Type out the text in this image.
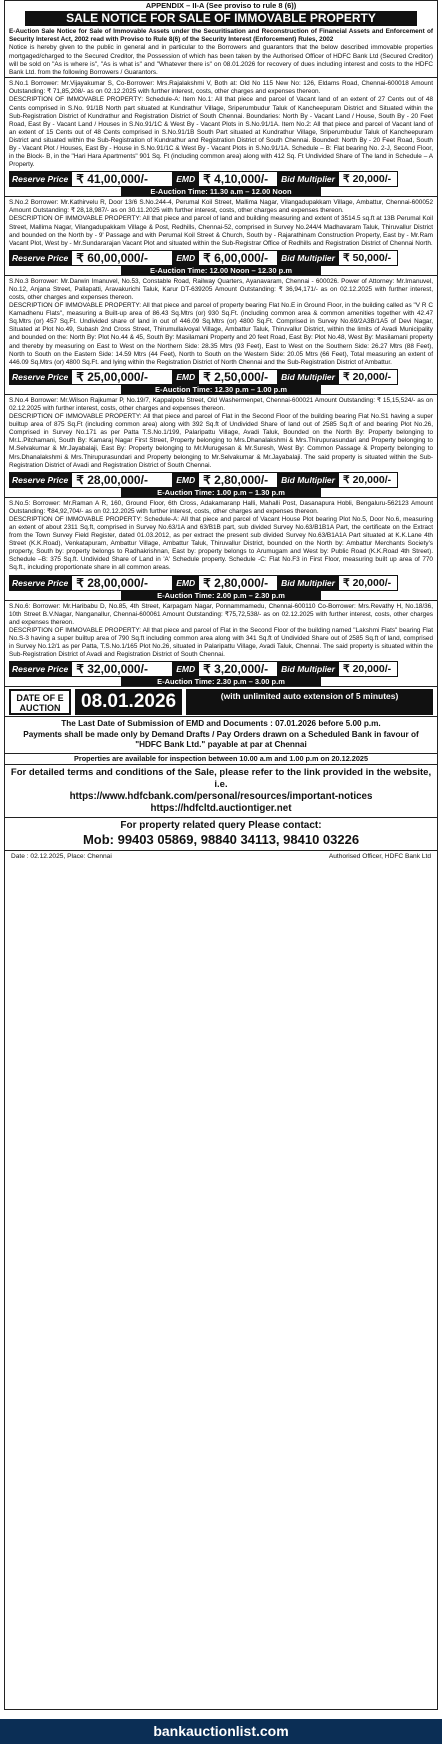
APPENDIX – II-A (See proviso to rule 8 (6))
SALE NOTICE FOR SALE OF IMMOVABLE PROPERTY
E-Auction Sale Notice for Sale of Immovable Assets under the Securitisation and Reconstruction of Financial Assets and Enforcement of Security Interest Act, 2002 read with Proviso to Rule 8(6) of the Security Interest (Enforcement) Rules, 2002
Notice is hereby given to the public in general and in particular to the Borrowers and guarantors that the below described immovable properties mortgaged/charged to the Secured Creditor, the Possession of which has been taken by the Authorised Officer of HDFC Bank Ltd (Secured Creditor) will be sold on "As is where is", "As is what is" and "Whatever there is" on 08.01.2026 for recovery of dues including interest and costs to the HDFC Bank Ltd. from the following Borrowers / Guarantors.
S.No.1 Borrower: Mr.Vijayakumar S, Co-Borrower: Mrs.Rajalakshmi V, Both at: Old No 115 New No: 126, Eldams Road, Chennai-600018 Amount Outstanding: ₹ 71,85,208/- as on 02.12.2025 with further interest, costs, other charges and expenses thereon.
DESCRIPTION OF IMMOVABLE PROPERTY: Schedule-A: Item No.1: All that piece and parcel of Vacant land of an extent of 27 Cents out of 48 Cents comprised in S.No. 91/1B North part situated at Kundrathur Village, Sriperumbudur Taluk of Kancheepuram District and Situated within the Sub-Registration District of Kundrathur and Registration District of South Chennai. Boundaries: North By - Vacant Land / House, South By - 20 Feet Road, East By - Vacant Land / Houses in S.No.91/1C & West By - Vacant Plots in S.No.91/1A. Item No.2: All that piece and parcel of Vacant land of an extent of 15 Cents out of 48 Cents comprised in S.No.91/1B South Part situated at Kundrathur Village, Sriperumbudur Taluk of Kancheepuram District and situated within the Sub-Registration of Kundrathur and Registration District of South Chennai. Bounded: North By - 20 Feet Road, South By - Vacant Plot / Houses, East By - House in S.No.91/1C & West By - Vacant Plots in S.No.91/1A. Schedule – B: Flat bearing No. 2-J, Second Floor, in the Block- B, in the "Hari Hara Apartments" 901 Sq. Ft (including common area) along with 412 Sq. Ft Undivided Share of The land in Schedule – A Property.
Reserve Price ₹ 41,00,000/-	EMD ₹ 4,10,000/-	Bid Multiplier ₹ 20,000/-
E-Auction Time: 11.30 a.m – 12.00 Noon
S.No.2 Borrower: Mr.Kathirvelu R, Door 13/6 S.No.244-4, Perumal Koil Street, Mallima Nagar, Vilangadupakkam Village, Ambattur, Chennai-600052 Amount Outstanding: ₹ 28,18,987/- as on 30.11.2025 with further interest, costs, other charges and expenses thereon.
DESCRIPTION OF IMMOVABLE PROPERTY: All that piece and parcel of land and building measuring and extent of 3514.5 sq.ft at 13B Perumal Koil Street, Mallima Nagar, Vilangadupakkam Village & Post, Redhills, Chennai-52, comprised in Survey No.244/4 Madhavaram Taluk, Thiruvallur District and bounded on the North by - 9' Passage and with Perumal Koil Street & Church, South by - Rajarathinam Construction Property, East by - Mr.Ram Vacant Plot, West by - Mr.Sundararajan Vacant Plot and situated within the Sub-Registrar Office of Redhills and Registration District of Chennai North.
Reserve Price ₹ 60,00,000/-	EMD ₹ 6,00,000/-	Bid Multiplier ₹ 50,000/-
E-Auction Time: 12.00 Noon – 12.30 p.m
S.No.3 Borrower: Mr.Darwin Imanuvel, No.53, Constable Road, Railway Quarters, Ayanavaram, Chennai - 600026. Power of Attorney: Mr.Imanuvel, No.12, Anjana Street, Pallapatti, Aravakurichi Taluk, Karur DT-639205 Amount Outstanding: ₹ 36,94,171/- as on 02.12.2025 with further interest, costs, other charges and expenses thereon.
DESCRIPTION OF IMMOVABLE PROPERTY: All that piece and parcel of property bearing Flat No.E in Ground Floor, in the building called as "V R C Kamadhenu Flats", measuring a Built-up area of 86.43 Sq.Mtrs (or) 930 Sq.Ft. (including common area & common amenities together with 42.47 Sq.Mtrs (or) 457 Sq.Ft. Undivided share of land in out of 446.09 Sq.Mtrs (or) 4800 Sq.Ft. Comprised in Survey No.69/2A3B/1A5 of Devi Nagar, Situated at Plot No.49, Subash 2nd Cross Street, Thirumullaivoyal Village, Ambattur Taluk, Thiruvallur District, within the limits of Avadi Municipality and bounded on the: North By: Plot No.44 & 45, South By: Masilamani Property and 20 feet Road, East By: Plot No.48, West By: Masilamani property and thereby by measuring on East to West on the Northern Side: 28.35 Mtrs (93 Feet), East to West on the Southern Side: 26.27 Mtrs (88 Feet), North to South on the Eastern Side: 14.59 Mtrs (44 Feet), North to South on the Western Side: 20.05 Mtrs (66 Feet), Total measuring an extent of 446.09 Sq.Mtrs (or) 4800 Sq.Ft. and lying within the Registration District of North Chennai and the Sub-Registration District of Ambattur.
Reserve Price ₹ 25,00,000/-	EMD ₹ 2,50,000/-	Bid Multiplier ₹ 20,000/-
E-Auction Time: 12.30 p.m – 1.00 p.m
S.No.4 Borrower: Mr.Wilson Rajkumar P, No.19/7, Kappalpolu Street, Old Washermenpet, Chennai-600021 Amount Outstanding: ₹ 15,15,524/- as on 02.12.2025 with further interest, costs, other charges and expenses thereon.
DESCRIPTION OF IMMOVABLE PROPERTY: All that piece and parcel of Flat in the Second Floor of the building bearing Flat No.S1 having a super builtup area of 875 Sq.Ft (including common area) along with 392 Sq.ft of Undivided Share of land out of 2585 Sq.ft of and bearing Plot No.26, Comprised in Survey No.171 as per Patta T.S.No.1/199, Palaripattu Village, Avadi Taluk, Bounded on the North By: Property belonging to Mr.L.Pitchamani, South By: Kamaraj Nagar First Street, Property belonging to Mrs.Dhanalakshmi & Mrs.Thirupurasundari and Property belonging to M.Selvakumar & Mr.Jayabalaji, East By: Property belonging to Mr.Murugesan & Mr.Suresh, West By: Common Passage & Property belonging to Mrs.Dhanalakshmi & Mrs.Thirupurasundari and Property belonging to Mr.Selvakumar & Mr.Jayabalaji. The said property is situated within the Sub-Registration District of Avadi and Registration District of South Chennai.
Reserve Price ₹ 28,00,000/-	EMD ₹ 2,80,000/-	Bid Multiplier ₹ 20,000/-
E-Auction Time: 1.00 p.m – 1.30 p.m
S.No.5: Borrower: Mr.Raman A R, 160, Ground Floor, 6th Cross, Adakamaranp Halli, Mahalli Post, Dasanapura Hobli, Bengaluru-562123 Amount Outstanding: ₹84,92,704/- as on 02.12.2025 with further interest, costs, other charges and expenses thereon.
DESCRIPTION OF IMMOVABLE PROPERTY: Schedule-A: All that piece and parcel of Vacant House Plot bearing Plot No.5, Door No.6, measuring an extent of about 2311 Sq.ft, comprised in Survey No.63/1A and 63/B1B part, sub divided Survey No.63/B1B1A Part, the certificate on the Extract from the Town Survey Field Register, dated 01.03.2012, as per extract the present sub divided Survey No.63/B1A1A Part situated at K.K.Lane 4th Street (K.K.Road), Venkatapuram, Ambattur Village, Ambattur Taluk, Thiruvallur District, bounded on the North by: Ambattur Merchants Society's property, South by: property belongs to Radhakrishnan, East by: property belongs to Arumugam and West by: Public Road (K.K.Road 4th Street). Schedule –B: 375 Sq.ft. Undivided Share of Land in 'A' Schedule property. Schedule -C: Flat No.F3 in First Floor, measuring built up area of 770 Sq.ft., including proportionate share in all common areas.
Reserve Price ₹ 28,00,000/-	EMD ₹ 2,80,000/-	Bid Multiplier ₹ 20,000/-
E-Auction Time: 2.00 p.m – 2.30 p.m
S.No.6: Borrower: Mr.Haribabu D, No.85, 4th Street, Karpagam Nagar, Ponnammamedu, Chennai-600110 Co-Borrower: Mrs.Revathy H, No.18/36, 10th Street B.V.Nagar, Nanganallur, Chennai-600061 Amount Outstanding: ₹75,72,538/- as on 02.12.2025 with further interest, costs, other charges and expenses thereon.
DESCRIPTION OF IMMOVABLE PROPERTY: All that piece and parcel of Flat in the Second Floor of the building named "Lakshmi Flats" bearing Flat No.S-3 having a super builtup area of 790 Sq.ft including common area along with 341 Sq.ft of Undivided Share out of 2585 Sq.ft of land, comprised in Survey No.12/1 as per Patta, T.S.No.1/165 Plot No.26, situated in Palaripattu Village, Avadi Taluk, Chennai. The said property is situated within the Sub-Registration District of Avadi and Registration District of South Chennai.
Reserve Price ₹ 32,00,000/-	EMD ₹ 3,20,000/-	Bid Multiplier ₹ 20,000/-
E-Auction Time: 2.30 p.m – 3.00 p.m
DATE OF E AUCTION	08.01.2026	(with unlimited auto extension of 5 minutes)
The Last Date of Submission of EMD and Documents : 07.01.2026 before 5.00 p.m.
Payments shall be made only by Demand Drafts / Pay Orders drawn on a Scheduled Bank in favour of "HDFC Bank Ltd." payable at par at Chennai
Properties are available for inspection between 10.00 a.m and 1.00 p.m on 20.12.2025
For detailed terms and conditions of the Sale, please refer to the link provided in the website, i.e.
https://www.hdfcbank.com/personal/resources/important-notices
https://hdfcltd.auctiontiger.net
For property related query Please contact:
Mob: 99403 05869, 98840 34113, 98410 03226
Date : 02.12.2025, Place: Chennai	Authorised Officer, HDFC Bank Ltd
bankauctionlist.com
